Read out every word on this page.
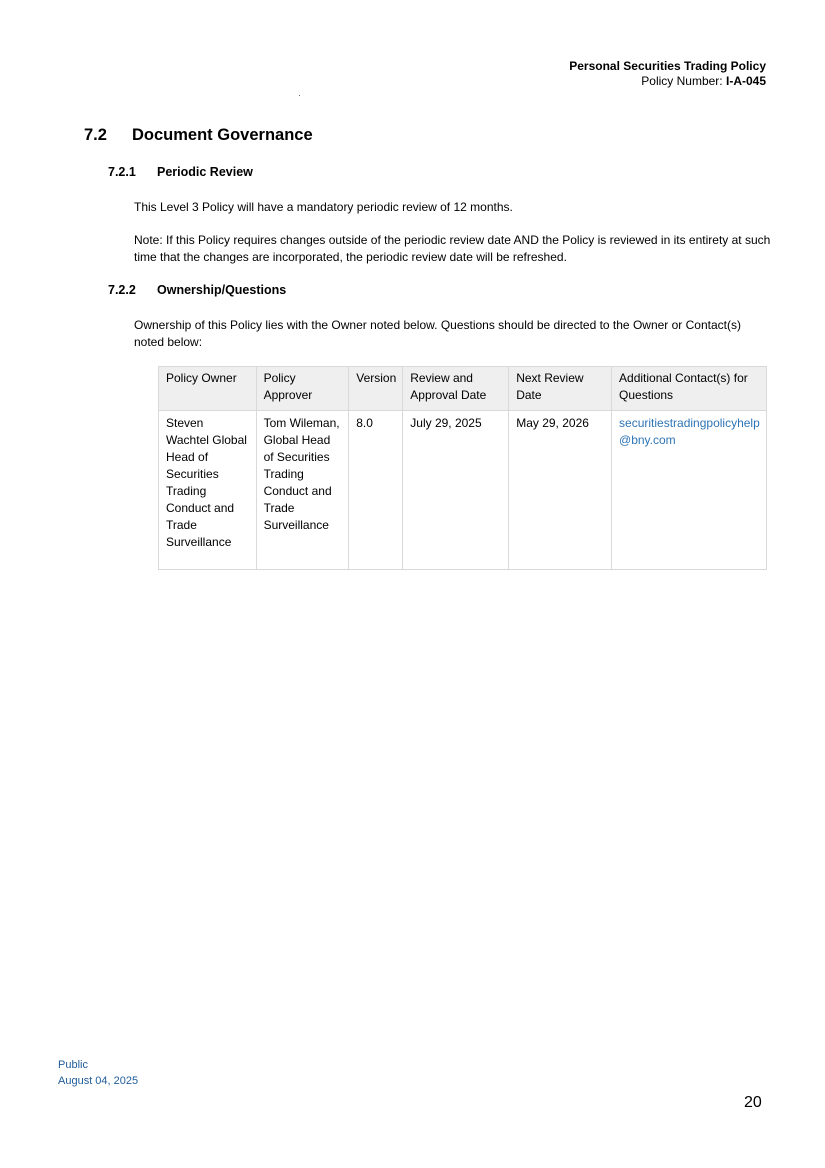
Personal Securities Trading Policy
Policy Number: I-A-045
7.2 Document Governance
7.2.1 Periodic Review

This Level 3 Policy will have a mandatory periodic review of 12 months.

Note: If this Policy requires changes outside of the periodic review date AND the Policy is reviewed in its entirety at such time that the changes are incorporated, the periodic review date will be refreshed.

7.2.2 Ownership/Questions

Ownership of this Policy lies with the Owner noted below. Questions should be directed to the Owner or Contact(s) noted below:

Policy Owner	Policy Approver	Version	Review and Approval Date	Next Review Date	Additional Contact(s) for Questions
Steven Wachtel Global Head of Securities Trading Conduct and Trade Surveillance	Tom Wileman, Global Head of Securities Trading Conduct and Trade Surveillance	8.0	July 29, 2025	May 29, 2026	securitiestradingpolicyhelp@bny.com
Public
August 04, 2025
20
